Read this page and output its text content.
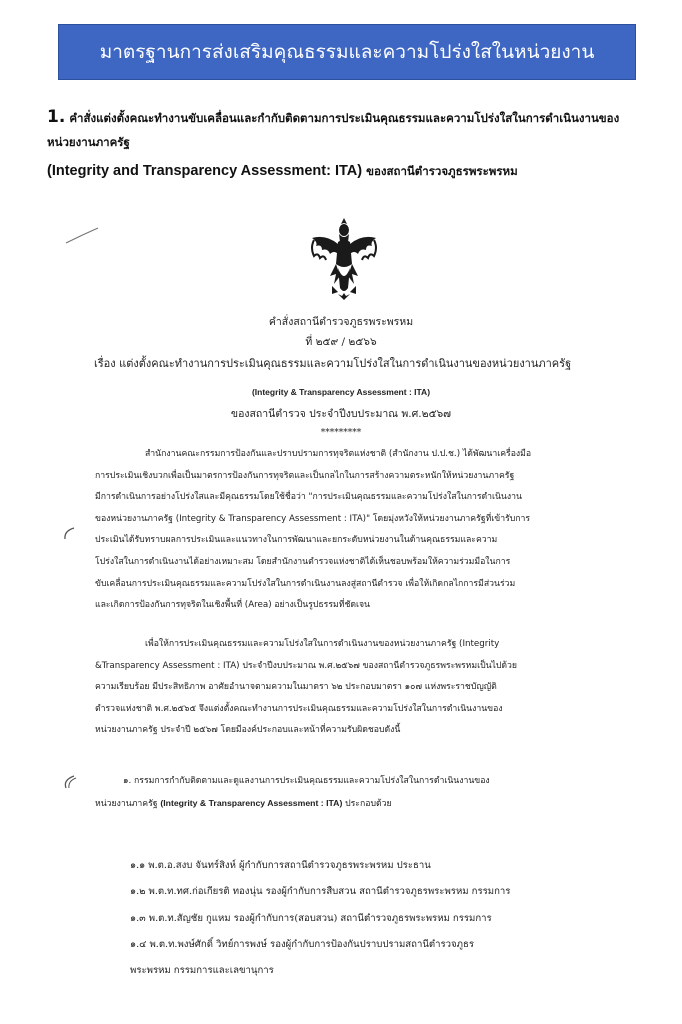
มาตรฐานการส่งเสริมคุณธรรมและความโปร่งใสในหน่วยงาน
1. คำสั่งแต่งตั้งคณะทำงานขับเคลื่อนและกำกับติดตามการประเมินคุณธรรมและความโปร่งใสในการดำเนินงานของ
หน่วยงานภาครัฐ
(Integrity and Transparency Assessment: ITA) ของสถานีตำรวจภูธรพระพรหม
คำสั่งสถานีตำรวจภูธรพระพรหม
ที่ ๒๕๙ / ๒๕๖๖
เรื่อง แต่งตั้งคณะทำงานการประเมินคุณธรรมและความโปร่งใสในการดำเนินงานของหน่วยงานภาครัฐ
(Integrity & Transparency Assessment : ITA)
ของสถานีตำรวจ ประจำปีงบประมาณ พ.ศ.๒๕๖๗
*********
สำนักงานคณะกรรมการป้องกันและปราบปรามการทุจริตแห่งชาติ (สำนักงาน ป.ป.ช.) ได้พัฒนาเครื่องมือ
การประเมินเชิงบวกเพื่อเป็นมาตรการป้องกันการทุจริตและเป็นกลไกในการสร้างความตระหนักให้หน่วยงานภาครัฐ
มีการดำเนินการอย่างโปร่งใสและมีคุณธรรมโดยใช้ชื่อว่า "การประเมินคุณธรรมและความโปร่งใสในการดำเนินงาน
ของหน่วยงานภาครัฐ (Integrity & Transparency Assessment : ITA)" โดยมุ่งหวังให้หน่วยงานภาครัฐที่เข้ารับการ
ประเมินได้รับทราบผลการประเมินและแนวทางในการพัฒนาและยกระดับหน่วยงานในด้านคุณธรรมและความ
โปร่งใสในการดำเนินงานได้อย่างเหมาะสม โดยสำนักงานตำรวจแห่งชาติได้เห็นชอบพร้อมให้ความร่วมมือในการ
ขับเคลื่อนการประเมินคุณธรรมและความโปร่งใสในการดำเนินงานลงสู่สถานีตำรวจ เพื่อให้เกิดกลไกการมีส่วนร่วม
และเกิดการป้องกันการทุจริตในเชิงพื้นที่ (Area) อย่างเป็นรูปธรรมที่ชัดเจน
เพื่อให้การประเมินคุณธรรมและความโปร่งใสในการดำเนินงานของหน่วยงานภาครัฐ (Integrity
&Transparency Assessment : ITA) ประจำปีงบประมาณ พ.ศ.๒๕๖๗ ของสถานีตำรวจภูธรพระพรหมเป็นไปด้วย
ความเรียบร้อย มีประสิทธิภาพ อาศัยอำนาจตามความในมาตรา ๖๒ ประกอบมาตรา ๑๐๗ แห่งพระราชบัญญัติ
ตำรวจแห่งชาติ พ.ศ.๒๕๖๕ จึงแต่งตั้งคณะทำงานการประเมินคุณธรรมและความโปร่งใสในการดำเนินงานของ
หน่วยงานภาครัฐ ประจำปี ๒๕๖๗ โดยมีองค์ประกอบและหน้าที่ความรับผิดชอบดังนี้
๑. กรรมการกำกับติดตามและดูแลงานการประเมินคุณธรรมและความโปร่งใสในการดำเนินงานของ
หน่วยงานภาครัฐ (Integrity & Transparency Assessment : ITA) ประกอบด้วย
๑.๑ พ.ต.อ.สงบ จันทร์สิงห์ ผู้กำกับการสถานีตำรวจภูธรพระพรหม ประธาน
๑.๒ พ.ต.ท.ทศ.ก่อเกียรติ ทองนุ่น รองผู้กำกับการสืบสวน สถานีตำรวจภูธรพระพรหม กรรมการ
๑.๓ พ.ต.ท.สัญชัย กูแหม รองผู้กำกับการ(สอบสวน) สถานีตำรวจภูธรพระพรหม กรรมการ
๑.๔ พ.ต.ท.พงษ์ศักดิ์ วิทย์การพงษ์ รองผู้กำกับการป้องกันปราบปรามสถานีตำรวจภูธร
พระพรหม กรรมการและเลขานุการ
